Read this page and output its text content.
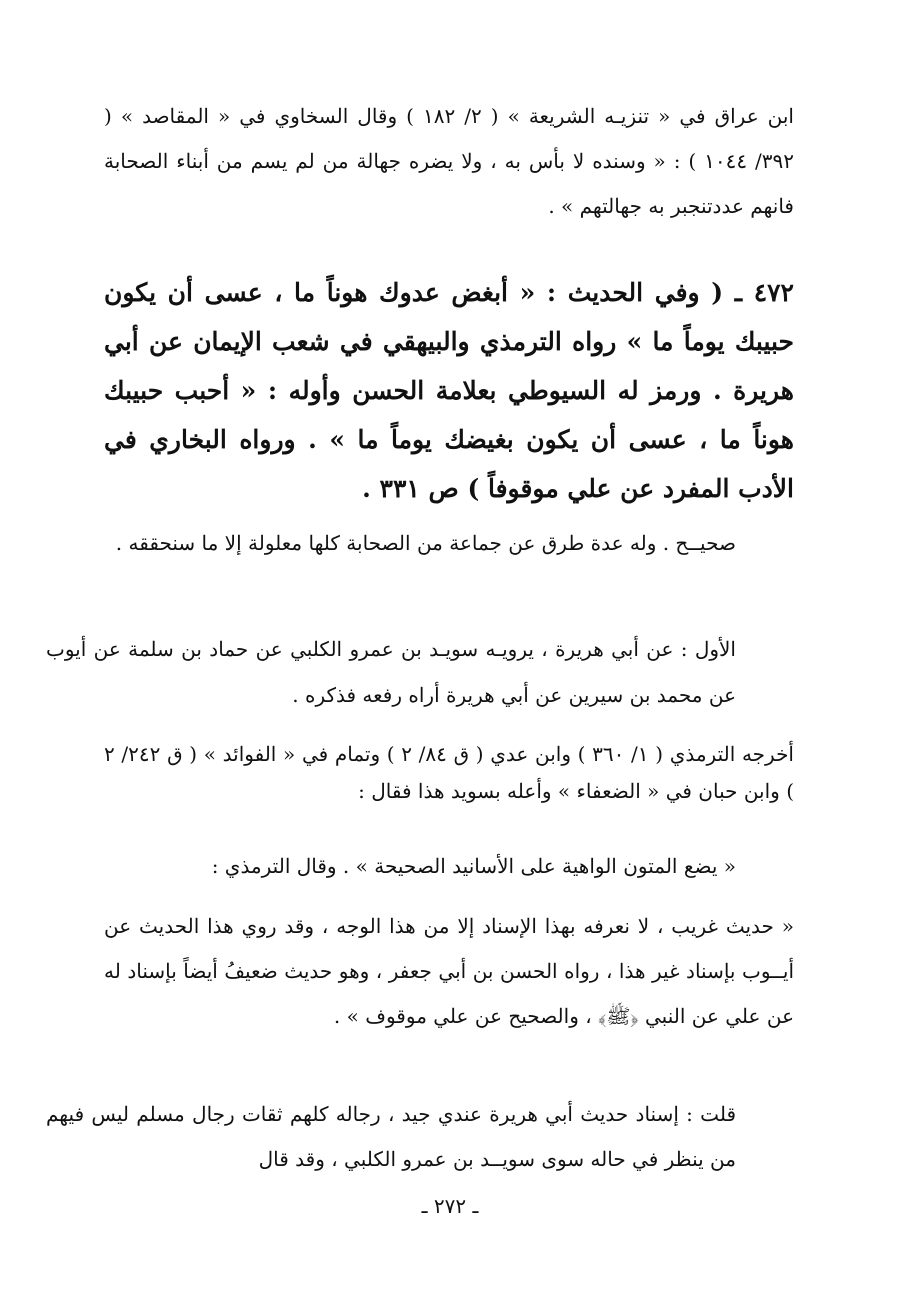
ابن عراق في « تنزيـه الشريعة » ( ٢/ ١٨٢ ) وقال السخاوي في « المقاصد » ( ٣٩٢/ ١٠٤٤ ) : « وسنده لا بأس به ، ولا يضره جهالة من لم يسم من أبناء الصحابة فانهم عددتنجبر به جهالتهم » .

٤٧٢ ـ ( وفي الحديث : « أبغض عدوك هوناً ما ، عسى أن يكون حبيبك يوماً ما » رواه الترمذي والبيهقي في شعب الإيمان عن أبي هريرة . ورمز له السيوطي بعلامة الحسن وأوله : « أحبب حبيبك هوناً ما ، عسى أن يكون بغيضك يوماً ما » . ورواه البخاري في الأدب المفرد عن علي موقوفاً ) ص ٣٣١ .

صحيــح . وله عدة طرق عن جماعة من الصحابة كلها معلولة إلا ما سنحققه .

الأول : عن أبي هريرة ، يرويـه سويـد بن عمرو الكلبي عن حماد بن سلمة عن أيوب عن محمد بن سيرين عن أبي هريرة أراه رفعه فذكره .

أخرجه الترمذي ( ١/ ٣٦٠ ) وابن عدي ( ق ٨٤/ ٢ ) وتمام في « الفوائد » ( ق ٢٤٢/ ٢ ) وابن حبان في « الضعفاء » وأعله بسويد هذا فقال :

« يضع المتون الواهية على الأسانيد الصحيحة » . وقال الترمذي :

« حديث غريب ، لا نعرفه بهذا الإسناد إلا من هذا الوجه ، وقد روي هذا الحديث عن أيــوب بإسناد غير هذا ، رواه الحسن بن أبي جعفر ، وهو حديث ضعيفُ أيضاً بإسناد له عن علي عن النبي ﴿ﷺ﴾ ، والصحيح عن علي موقوف » .

قلت : إسناد حديث أبي هريرة عندي جيد ، رجاله كلهم ثقات رجال مسلم ليس فيهم من ينظر في حاله سوى سويــد بن عمرو الكلبي ، وقد قال

ـ ٢٧٢ ـ
